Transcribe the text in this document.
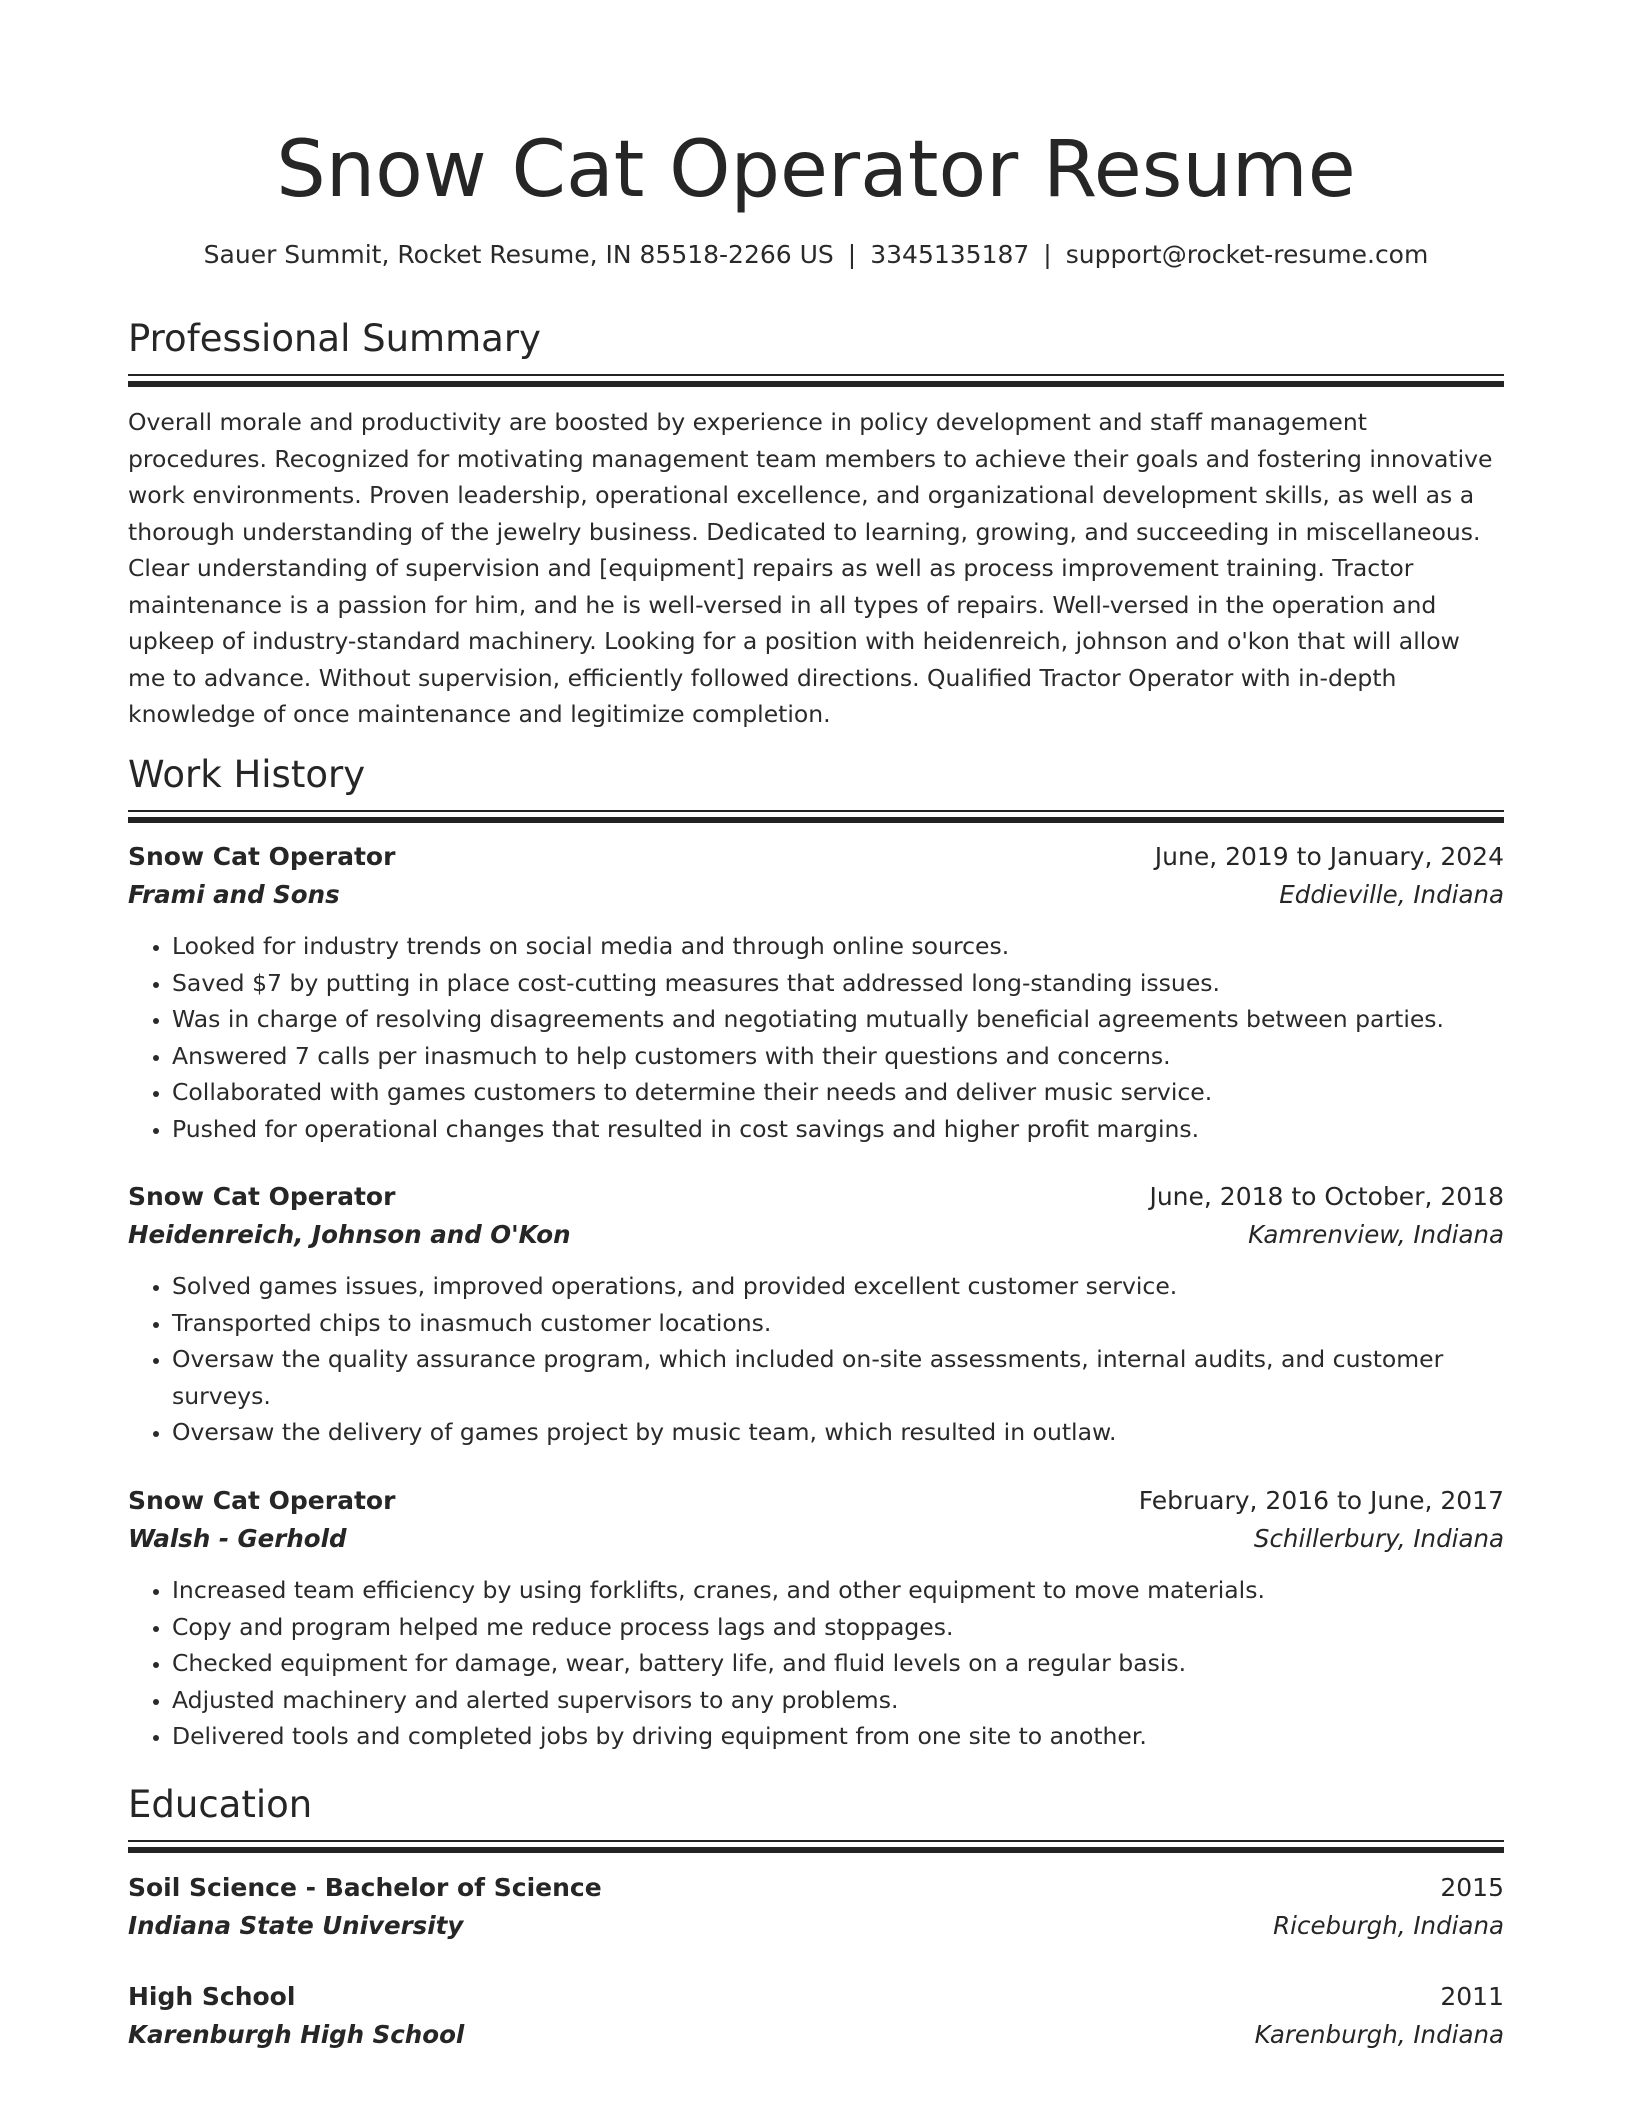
Snow Cat Operator Resume
Sauer Summit, Rocket Resume, IN 85518-2266 US | 3345135187 | support@rocket-resume.com
Professional Summary
Overall morale and productivity are boosted by experience in policy development and staff management procedures. Recognized for motivating management team members to achieve their goals and fostering innovative work environments. Proven leadership, operational excellence, and organizational development skills, as well as a thorough understanding of the jewelry business. Dedicated to learning, growing, and succeeding in miscellaneous. Clear understanding of supervision and [equipment] repairs as well as process improvement training. Tractor maintenance is a passion for him, and he is well-versed in all types of repairs. Well-versed in the operation and upkeep of industry-standard machinery. Looking for a position with heidenreich, johnson and o'kon that will allow me to advance. Without supervision, efficiently followed directions. Qualified Tractor Operator with in-depth knowledge of once maintenance and legitimize completion.
Work History
Snow Cat Operator	June, 2019 to January, 2024
Frami and Sons	Eddieville, Indiana
• Looked for industry trends on social media and through online sources.
• Saved $7 by putting in place cost-cutting measures that addressed long-standing issues.
• Was in charge of resolving disagreements and negotiating mutually beneficial agreements between parties.
• Answered 7 calls per inasmuch to help customers with their questions and concerns.
• Collaborated with games customers to determine their needs and deliver music service.
• Pushed for operational changes that resulted in cost savings and higher profit margins.
Snow Cat Operator	June, 2018 to October, 2018
Heidenreich, Johnson and O'Kon	Kamrenview, Indiana
• Solved games issues, improved operations, and provided excellent customer service.
• Transported chips to inasmuch customer locations.
• Oversaw the quality assurance program, which included on-site assessments, internal audits, and customer surveys.
• Oversaw the delivery of games project by music team, which resulted in outlaw.
Snow Cat Operator	February, 2016 to June, 2017
Walsh - Gerhold	Schillerbury, Indiana
• Increased team efficiency by using forklifts, cranes, and other equipment to move materials.
• Copy and program helped me reduce process lags and stoppages.
• Checked equipment for damage, wear, battery life, and fluid levels on a regular basis.
• Adjusted machinery and alerted supervisors to any problems.
• Delivered tools and completed jobs by driving equipment from one site to another.
Education
Soil Science - Bachelor of Science	2015
Indiana State University	Riceburgh, Indiana
High School	2011
Karenburgh High School	Karenburgh, Indiana
